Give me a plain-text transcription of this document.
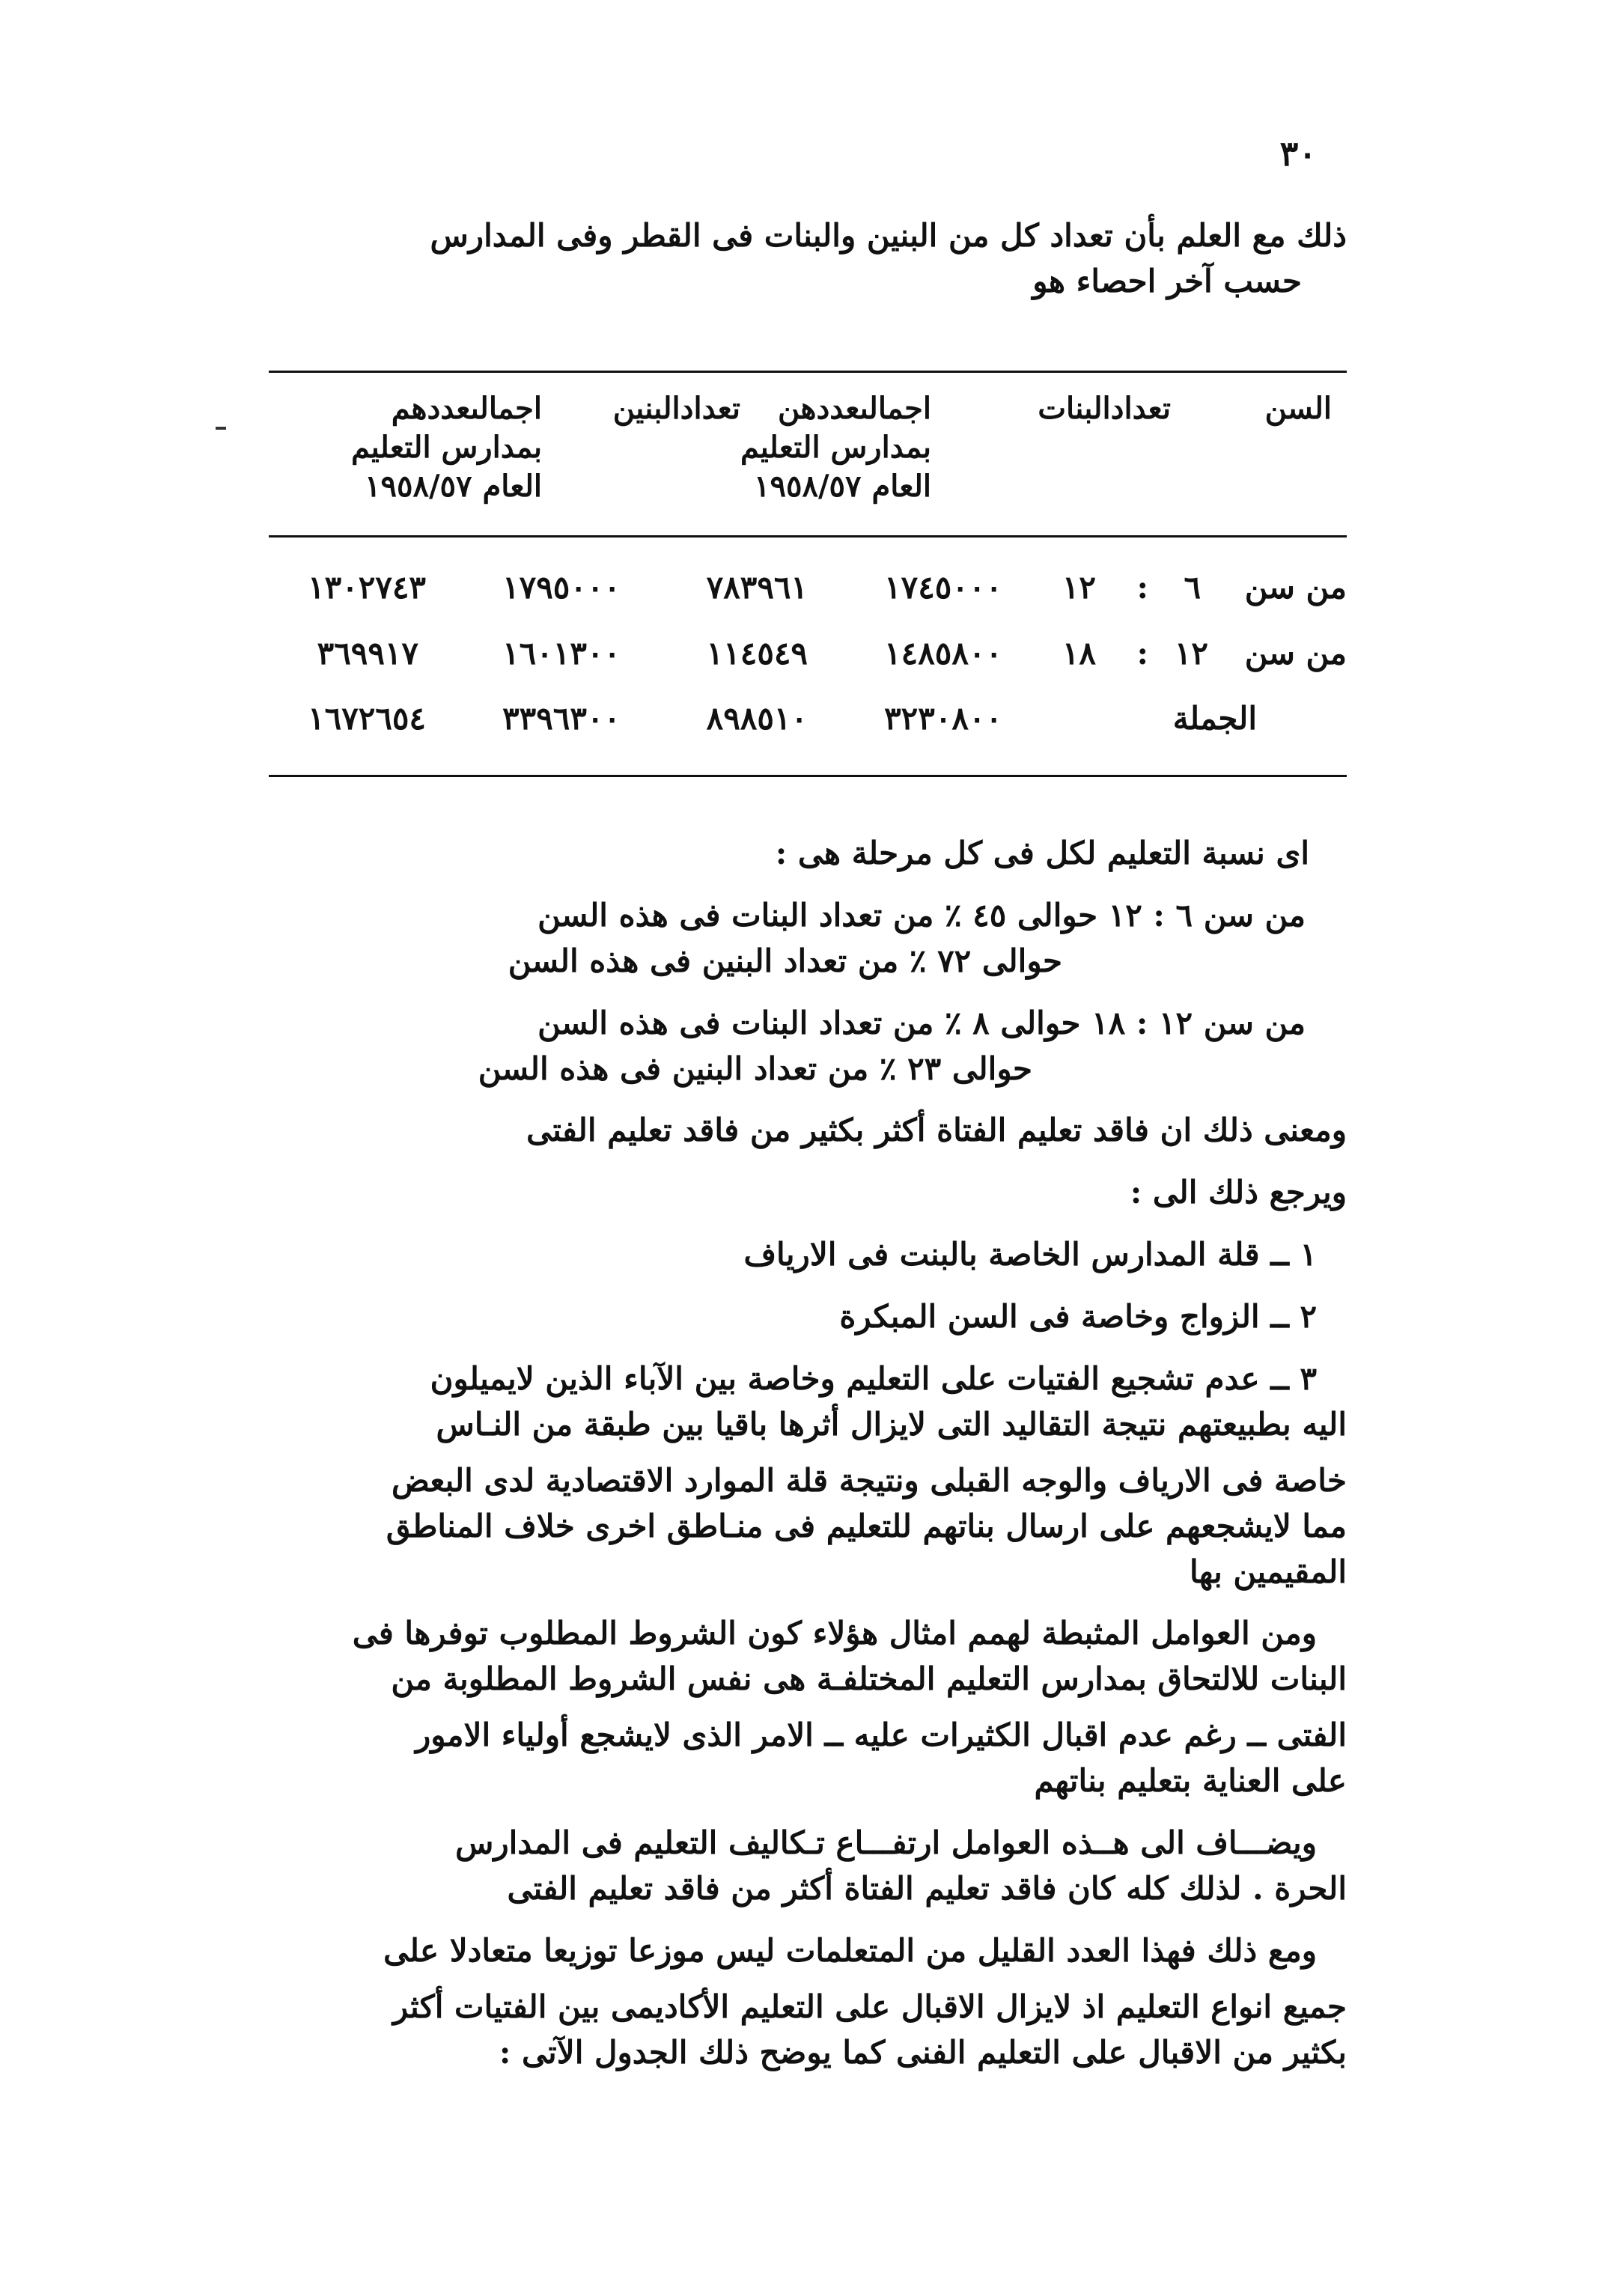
٣٠
ذلك مع العلم بأن تعداد كل من البنين والبنات فى القطر وفى المدارس
حسب آخر احصاء هو
السن
تعدادالبنات
اجمالىعددهن
بمدارس التعليم
العام ١٩٥٨/٥٧
تعدادالبنين
اجمالىعددهم
بمدارس التعليم
العام ١٩٥٨/٥٧
من سن
٦
:
١٢
١٧٤٥٠٠٠
٧٨٣٩٦١
١٧٩٥٠٠٠
١٣٠٢٧٤٣
من سن
١٢
:
١٨
١٤٨٥٨٠٠
١١٤٥٤٩
١٦٠١٣٠٠
٣٦٩٩١٧
الجملة
٣٢٣٠٨٠٠
٨٩٨٥١٠
٣٣٩٦٣٠٠
١٦٧٢٦٥٤
اى نسبة التعليم لكل فى كل مرحلة هى :
من سن ٦ : ١٢ حوالى ٤٥ ٪ من تعداد البنات فى هذه السن
حوالى ٧٢ ٪ من تعداد البنين فى هذه السن
من سن ١٢ : ١٨ حوالى ٨ ٪ من تعداد البنات فى هذه السن
حوالى ٢٣ ٪ من تعداد البنين فى هذه السن
ومعنى ذلك ان فاقد تعليم الفتاة أكثر بكثير من فاقد تعليم الفتى
ويرجع ذلك الى :
١ ــ قلة المدارس الخاصة بالبنت فى الارياف
٢ ــ الزواج وخاصة فى السن المبكرة
٣ ــ عدم تشجيع الفتيات على التعليم وخاصة بين الآباء الذين لايميلون
اليه بطبيعتهم نتيجة التقاليد التى لايزال أثرها باقيا بين طبقة من النـاس
خاصة فى الارياف والوجه القبلى ونتيجة قلة الموارد الاقتصادية لدى البعض
مما لايشجعهم على ارسال بناتهم للتعليم فى منـاطق اخرى خلاف المناطق
المقيمين بها
ومن العوامل المثبطة لهمم امثال هؤلاء كون الشروط المطلوب توفرها فى
البنات للالتحاق بمدارس التعليم المختلفـة هى نفس الشروط المطلوبة من
الفتى ــ رغم عدم اقبال الكثيرات عليه ــ الامر الذى لايشجع أولياء الامور
على العناية بتعليم بناتهم
ويضـــاف الى هــذه العوامل ارتفـــاع تـكاليف التعليم فى المدارس
الحرة . لذلك كله كان فاقد تعليم الفتاة أكثر من فاقد تعليم الفتى
ومع ذلك فهذا العدد القليل من المتعلمات ليس موزعا توزيعا متعادلا على
جميع انواع التعليم اذ لايزال الاقبال على التعليم الأكاديمى بين الفتيات أكثر
بكثير من الاقبال على التعليم الفنى كما يوضح ذلك الجدول الآتى :
